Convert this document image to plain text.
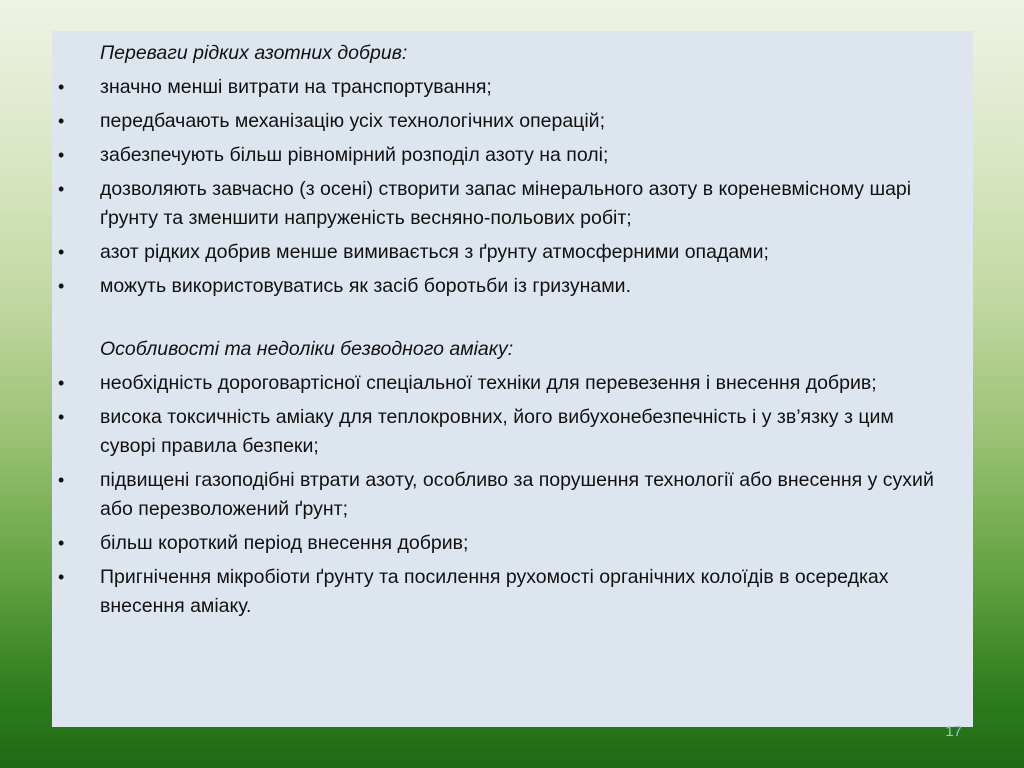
Переваги рідких азотних добрив:
•	значно менші витрати на транспортування;
•	передбачають механізацію усіх технологічних операцій;
•	забезпечують більш рівномірний розподіл азоту на полі;
•	дозволяють завчасно (з осені) створити запас мінерального азоту в кореневмісному шарі ґрунту та зменшити напруженість весняно-польових робіт;
•	азот рідких добрив менше вимивається з ґрунту атмосферними опадами;
•	можуть використовуватись як засіб боротьби із гризунами.
Особливості та недоліки безводного аміаку:
•	необхідність дороговартісної спеціальної техніки для перевезення і внесення добрив;
•	висока токсичність аміаку для теплокровних, його вибухонебезпечність і у зв’язку з цим суворі правила безпеки;
•	підвищені газоподібні втрати азоту, особливо за порушення технології або внесення у сухий або перезволожений ґрунт;
•	більш короткий період внесення добрив;
•	Пригнічення мікробіоти ґрунту та посилення рухомості органічних колоїдів в осередках внесення аміаку.
17
